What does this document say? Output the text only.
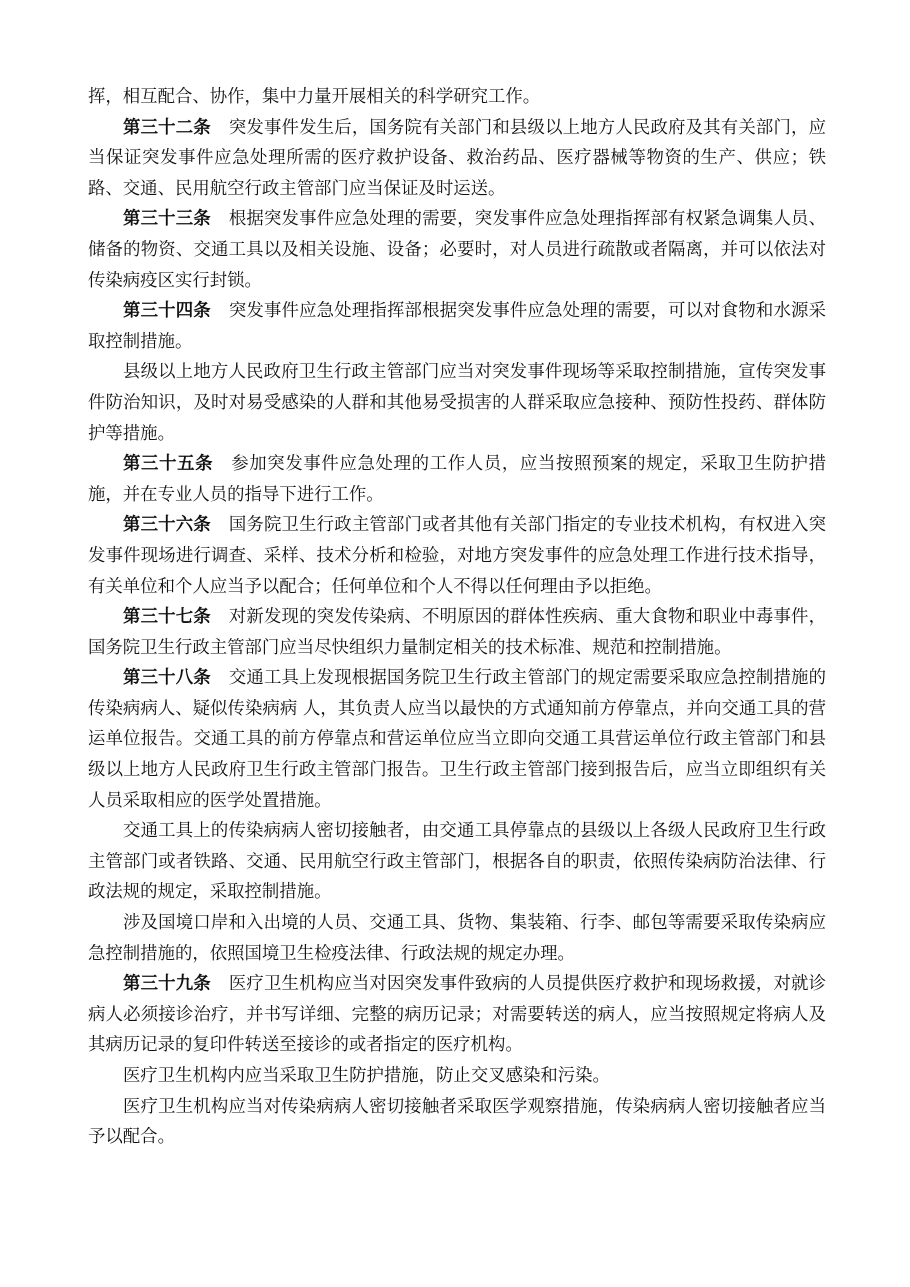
挥，相互配合、协作，集中力量开展相关的科学研究工作。

第三十二条 突发事件发生后，国务院有关部门和县级以上地方人民政府及其有关部门，应当保证突发事件应急处理所需的医疗救护设备、救治药品、医疗器械等物资的生产、供应；铁路、交通、民用航空行政主管部门应当保证及时运送。

第三十三条 根据突发事件应急处理的需要，突发事件应急处理指挥部有权紧急调集人员、储备的物资、交通工具以及相关设施、设备；必要时，对人员进行疏散或者隔离，并可以依法对传染病疫区实行封锁。

第三十四条 突发事件应急处理指挥部根据突发事件应急处理的需要，可以对食物和水源采取控制措施。

县级以上地方人民政府卫生行政主管部门应当对突发事件现场等采取控制措施，宣传突发事件防治知识，及时对易受感染的人群和其他易受损害的人群采取应急接种、预防性投药、群体防护等措施。

第三十五条 参加突发事件应急处理的工作人员，应当按照预案的规定，采取卫生防护措施，并在专业人员的指导下进行工作。

第三十六条 国务院卫生行政主管部门或者其他有关部门指定的专业技术机构，有权进入突发事件现场进行调查、采样、技术分析和检验，对地方突发事件的应急处理工作进行技术指导，有关单位和个人应当予以配合；任何单位和个人不得以任何理由予以拒绝。

第三十七条 对新发现的突发传染病、不明原因的群体性疾病、重大食物和职业中毒事件，国务院卫生行政主管部门应当尽快组织力量制定相关的技术标准、规范和控制措施。

第三十八条 交通工具上发现根据国务院卫生行政主管部门的规定需要采取应急控制措施的传染病病人、疑似传染病病 人，其负责人应当以最快的方式通知前方停靠点，并向交通工具的营运单位报告。交通工具的前方停靠点和营运单位应当立即向交通工具营运单位行政主管部门和县 级以上地方人民政府卫生行政主管部门报告。卫生行政主管部门接到报告后，应当立即组织有关人员采取相应的医学处置措施。

交通工具上的传染病病人密切接触者，由交通工具停靠点的县级以上各级人民政府卫生行政主管部门或者铁路、交通、民用航空行政主管部门，根据各自的职责，依照传染病防治法律、行政法规的规定，采取控制措施。

涉及国境口岸和入出境的人员、交通工具、货物、集装箱、行李、邮包等需要采取传染病应急控制措施的，依照国境卫生检疫法律、行政法规的规定办理。

第三十九条 医疗卫生机构应当对因突发事件致病的人员提供医疗救护和现场救援，对就诊病人必须接诊治疗，并书写详细、完整的病历记录；对需要转送的病人，应当按照规定将病人及其病历记录的复印件转送至接诊的或者指定的医疗机构。

医疗卫生机构内应当采取卫生防护措施，防止交叉感染和污染。

医疗卫生机构应当对传染病病人密切接触者采取医学观察措施，传染病病人密切接触者应当予以配合。
